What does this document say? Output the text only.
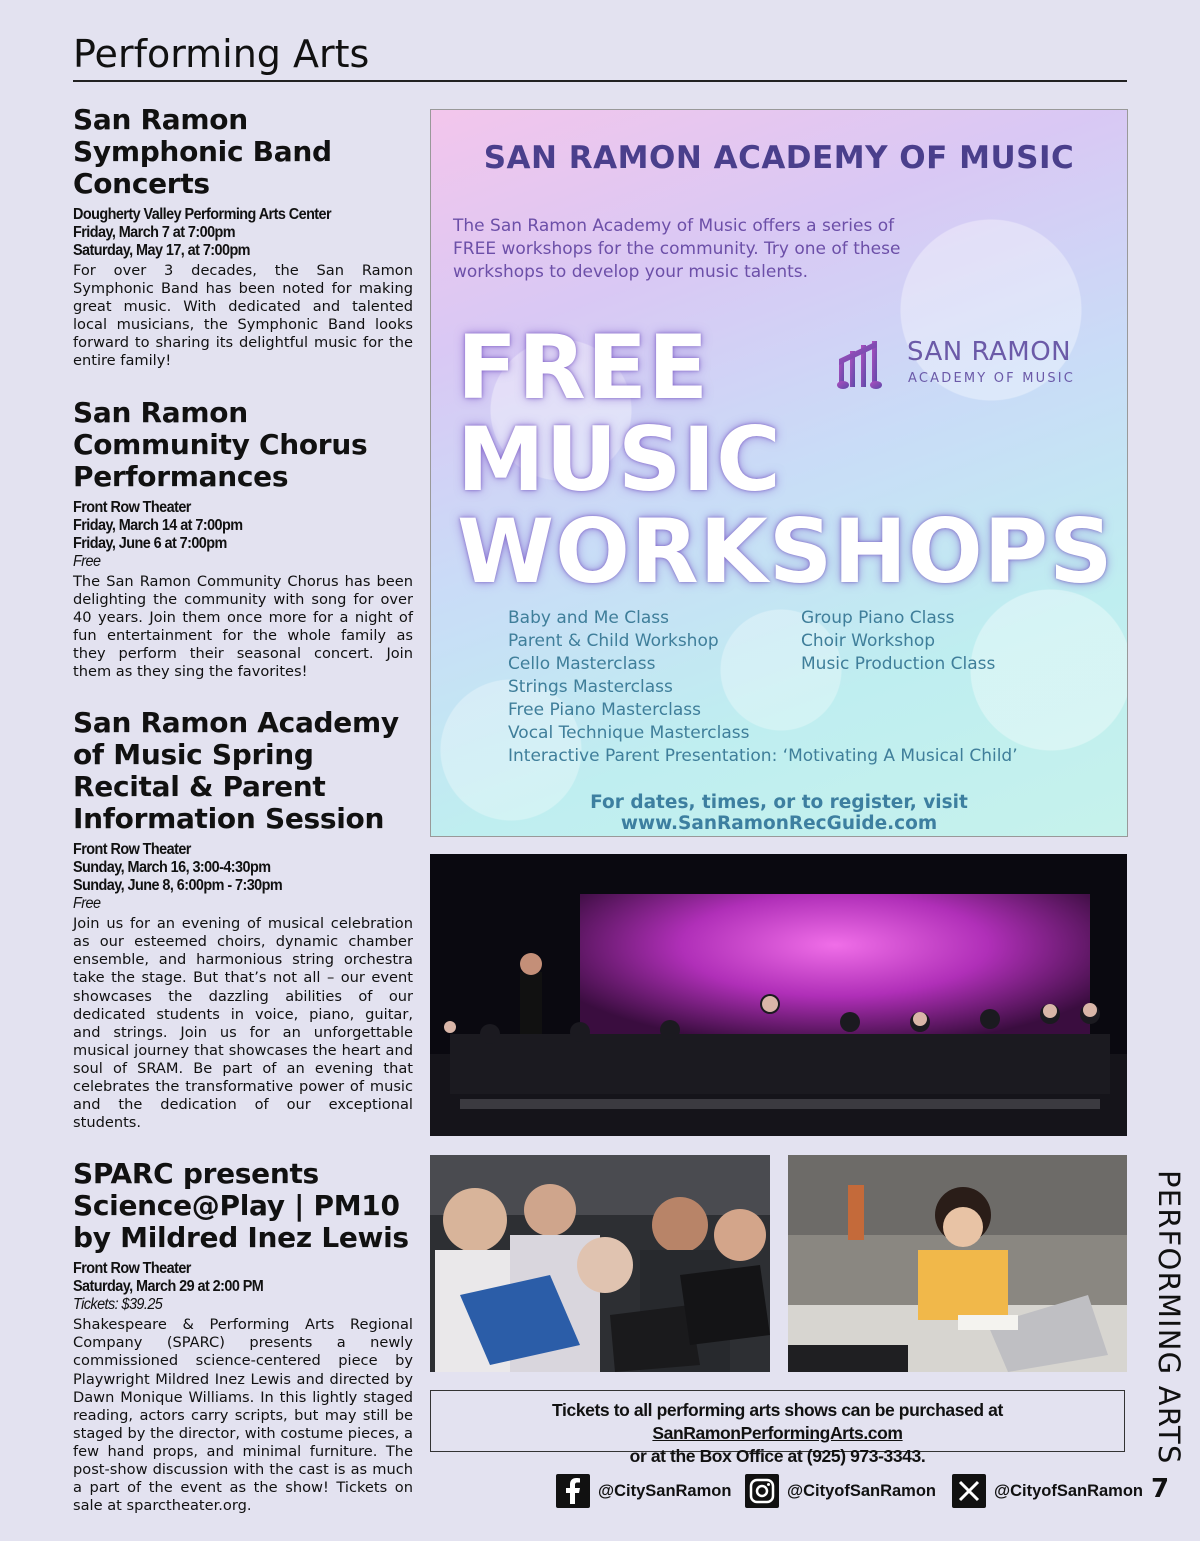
Performing Arts
San Ramon Symphonic Band Concerts
Dougherty Valley Performing Arts Center
Friday, March 7 at 7:00pm
Saturday, May 17, at 7:00pm

For over 3 decades, the San Ramon Symphonic Band has been noted for making great music. With dedicated and talented local musicians, the Symphonic Band looks forward to sharing its delightful music for the entire family!

San Ramon Community Chorus Performances
Front Row Theater
Friday, March 14 at 7:00pm
Friday, June 6 at 7:00pm
Free

The San Ramon Community Chorus has been delighting the community with song for over 40 years. Join them once more for a night of fun entertainment for the whole family as they perform their seasonal concert. Join them as they sing the favorites!

San Ramon Academy of Music Spring Recital & Parent Information Session
Front Row Theater
Sunday, March 16, 3:00-4:30pm
Sunday, June 8, 6:00pm - 7:30pm
Free

Join us for an evening of musical celebration as our esteemed choirs, dynamic chamber ensemble, and harmonious string orchestra take the stage. But that’s not all – our event showcases the dazzling abilities of our dedicated students in voice, piano, guitar, and strings. Join us for an unforgettable musical journey that showcases the heart and soul of SRAM. Be part of an evening that celebrates the transformative power of music and the dedication of our exceptional students.

SPARC presents Science@Play | PM10 by Mildred Inez Lewis
Front Row Theater
Saturday, March 29 at 2:00 PM
Tickets: $39.25

Shakespeare & Performing Arts Regional Company (SPARC) presents a newly commissioned science-centered piece by Playwright Mildred Inez Lewis and directed by Dawn Monique Williams. In this lightly staged reading, actors carry scripts, but may still be staged by the director, with costume pieces, a few hand props, and minimal furniture. The post-show discussion with the cast is as much a part of the event as the show! Tickets on sale at sparctheater.org.

SAN RAMON ACADEMY OF MUSIC
The San Ramon Academy of Music offers a series of FREE workshops for the community. Try one of these workshops to develop your music talents.
FREE
MUSIC
WORKSHOPS
SAN RAMON
ACADEMY OF MUSIC
Baby and Me Class
Parent & Child Workshop
Cello Masterclass
Strings Masterclass
Free Piano Masterclass
Vocal Technique Masterclass
Interactive Parent Presentation: ‘Motivating A Musical Child’
Group Piano Class
Choir Workshop
Music Production Class
For dates, times, or to register, visit www.SanRamonRecGuide.com
Tickets to all performing arts shows can be purchased at SanRamonPerformingArts.com
or at the Box Office at (925) 973-3343.	PERFORMING ARTS
@CitySanRamon	@CityofSanRamon	@CityofSanRamon 7
